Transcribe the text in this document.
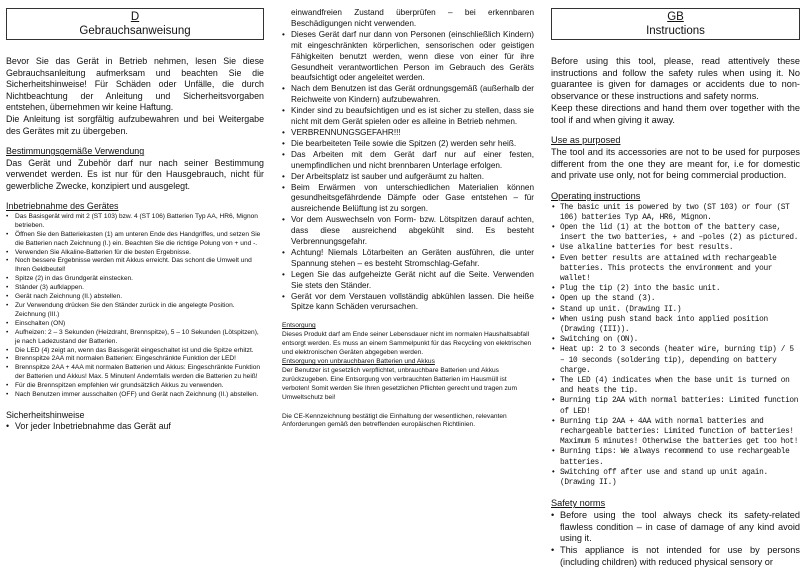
D
Gebrauchsanweisung

Bevor Sie das Gerät in Betrieb nehmen, lesen Sie diese Gebrauchsanleitung aufmerksam und beachten Sie die Sicherheitshinweise! Für Schäden oder Unfälle, die durch Nichtbeachtung der Anleitung und Sicherheitsvorgaben entstehen, übernehmen wir keine Haftung.

Die Anleitung ist sorgfältig aufzubewahren und bei Weitergabe des Gerätes mit zu übergeben.

Bestimmungsgemäße Verwendung

Das Gerät und Zubehör darf nur nach seiner Bestimmung verwendet werden. Es ist nur für den Hausgebrauch, nicht für gewerbliche Zwecke, konzipiert und ausgelegt.

Inbetriebnahme des Gerätes
• Das Basisgerät wird mit 2 (ST 103) bzw. 4 (ST 106) Batterien Typ AA, HR6, Mignon betrieben.
• Öffnen Sie den Batteriekasten (1) am unteren Ende des Handgriffes, und setzen Sie die Batterien nach Zeichnung (I.) ein. Beachten Sie die richtige Polung von + und -.
• Verwenden Sie Alkaline-Batterien für die besten Ergebnisse.
• Noch bessere Ergebnisse werden mit Akkus erreicht. Das schont die Umwelt und Ihren Geldbeutel!
• Spitze (2) in das Grundgerät einstecken.
• Ständer (3) aufklappen.
• Gerät nach Zeichnung (II.) abstellen.
• Zur Verwendung drücken Sie den Ständer zurück in die angelegte Position. Zeichnung (III.)
• Einschalten (ON)
• Aufheizen: 2 – 3 Sekunden (Heizdraht, Brennspitze), 5 – 10 Sekunden (Lötspitzen), je nach Ladezustand der Batterien.
• Die LED (4) zeigt an, wenn das Basisgerät eingeschaltet ist und die Spitze erhitzt.
• Brennspitze 2AA mit normalen Batterien: Eingeschränkte Funktion der LED!
• Brennspitze 2AA + 4AA mit normalen Batterien und Akkus: Eingeschränkte Funktion der Batterien und Akkus! Max. 5 Minuten! Andernfalls werden die Batterien zu heiß!
• Für die Brennspitzen empfehlen wir grundsätzlich Akkus zu verwenden.
• Nach Benutzen immer ausschalten (OFF) und Gerät nach Zeichnung (II.) abstellen.
Sicherheitshinweise
• Vor jeder Inbetriebnahme das Gerät auf

einwandfreien Zustand überprüfen – bei erkennbaren Beschädigungen nicht verwenden.

• Dieses Gerät darf nur dann von Personen (einschließlich Kindern) mit eingeschränkten körperlichen, sensorischen oder geistigen Fähigkeiten benutzt werden, wenn diese von einer für ihre Gesundheit verantwortlichen Person im Gebrauch des Geräts beaufsichtigt oder angeleitet werden.
• Nach dem Benutzen ist das Gerät ordnungsgemäß (außerhalb der Reichweite von Kindern) aufzubewahren.
• Kinder sind zu beaufsichtigen und es ist sicher zu stellen, dass sie nicht mit dem Gerät spielen oder es alleine in Betrieb nehmen.
• VERBRENNUNGSGEFAHR!!!
• Die bearbeiteten Teile sowie die Spitzen (2) werden sehr heiß.
• Das Arbeiten mit dem Gerät darf nur auf einer festen, unempfindlichen und nicht brennbaren Unterlage erfolgen.
• Der Arbeitsplatz ist sauber und aufgeräumt zu halten.
• Beim Erwärmen von unterschiedlichen Materialien können gesundheitsgefährdende Dämpfe oder Gase entstehen – für ausreichende Belüftung ist zu sorgen.
• Vor dem Auswechseln von Form- bzw. Lötspitzen darauf achten, dass diese ausreichend abgekühlt sind. Es besteht Verbrennungsgefahr.
• Achtung! Niemals Lötarbeiten an Geräten ausführen, die unter Spannung stehen – es besteht Stromschlag-Gefahr.
• Legen Sie das aufgeheizte Gerät nicht auf die Seite. Verwenden Sie stets den Ständer.
• Gerät vor dem Verstauen vollständig abkühlen lassen. Die heiße Spitze kann Schäden verursachen.
Entsorgung

Dieses Produkt darf am Ende seiner Lebensdauer nicht im normalen Haushaltsabfall entsorgt werden. Es muss an einem Sammelpunkt für das Recycling von elektrischen und elektronischen Geräten abgegeben werden.

Entsorgung von unbrauchbaren Batterien und Akkus

Der Benutzer ist gesetzlich verpflichtet, unbrauchbare Batterien und Akkus zurückzugeben. Eine Entsorgung von verbrauchten Batterien im Hausmüll ist verboten! Somit werden Sie Ihren gesetzlichen Pflichten gerecht und tragen zum Umweltschutz bei!

Die CE-Kennzeichnung bestätigt die Einhaltung der wesentlichen, relevanten Anforderungen gemäß den betreffenden europäischen Richtlinien.

GB
Instructions

Before using this tool, please, read attentively these instructions and follow the safety rules when using it. No guarantee is given for damages or accidents due to non-observance or these instructions and safety norms.

Keep these directions and hand them over together with the tool if and when giving it away.

Use as purposed

The tool and its accessories are not to be used for purposes different from the one they are meant for, i.e for domestic and private use only, not for being commercial production.

Operating instructions
• The basic unit is powered by two (ST 103) or four (ST 106) batteries Typ AA, HR6, Mignon.
• Open the lid (1) at the bottom of the battery case, insert the two batteries, + and –poles (2) as pictured.
• Use alkaline batteries for best results.
• Even better results are attained with rechargeable batteries. This protects the environment and your wallet!
• Plug the tip (2) into the basic unit.
• Open up the stand (3).
• Stand up unit. (Drawing II.)
• When using push stand back into applied position (Drawing (III)).
• Switching on (ON).
• Heat up: 2 to 3 seconds (heater wire, burning tip) / 5 – 10 seconds (soldering tip), depending on battery charge.
• The LED (4) indicates when the base unit is turned on and heats the tip.
• Burning tip 2AA with normal batteries: Limited function of LED!
• Burning tip 2AA + 4AA with normal batteries and rechargeable batteries: Limited function of batteries! Maximum 5 minutes! Otherwise the batteries get too hot!
• Burning tips: We always recommend to use rechargeable batteries.
• Switching off after use and stand up unit again. (Drawing II.)
Safety norms
• Before using the tool always check its safety-related flawless condition – in case of damage of any kind avoid using it.
• This appliance is not intended for use by persons (including children) with reduced physical sensory or
